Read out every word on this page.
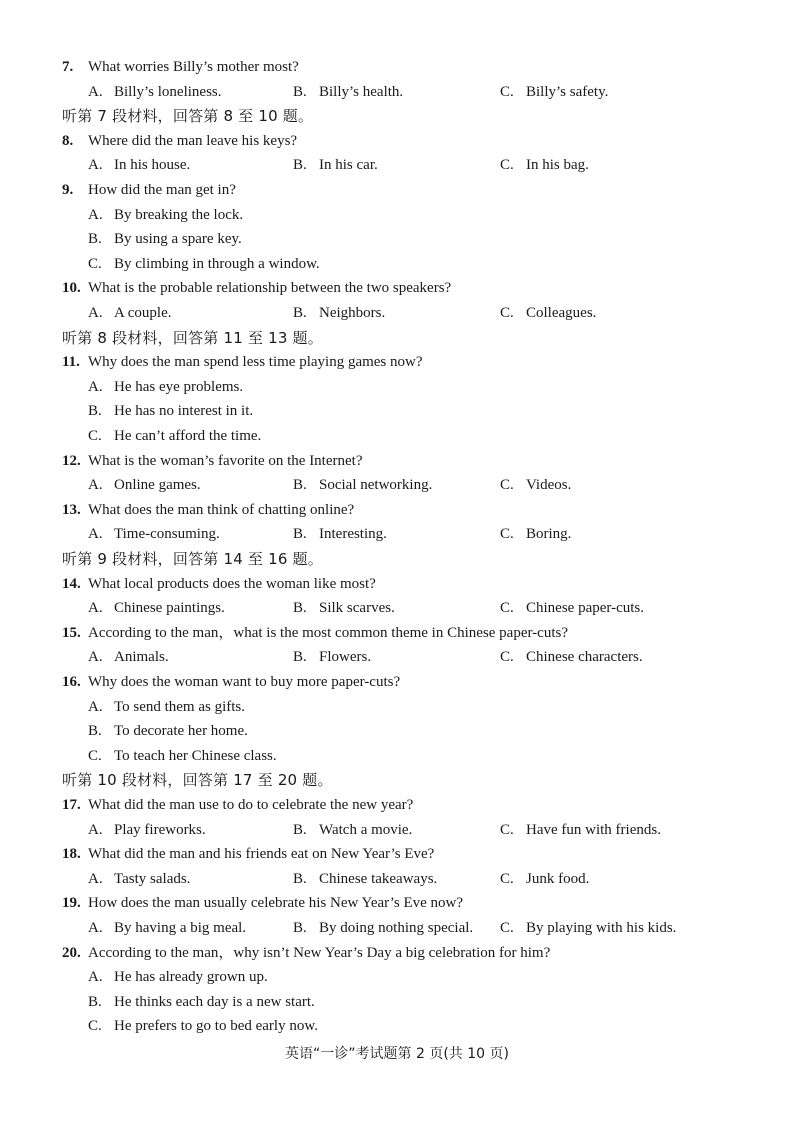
7. What worries Billy’s mother most?
A. Billy’s loneliness.	B. Billy’s health.	C. Billy’s safety.
听第 7 段材料，回答第 8 至 10 题。
8. Where did the man leave his keys?
A. In his house.	B. In his car.	C. In his bag.
9. How did the man get in?
A. By breaking the lock.
B. By using a spare key.
C. By climbing in through a window.
10. What is the probable relationship between the two speakers?
A. A couple.	B. Neighbors.	C. Colleagues.
听第 8 段材料，回答第 11 至 13 题。
11. Why does the man spend less time playing games now?
A. He has eye problems.
B. He has no interest in it.
C. He can’t afford the time.
12. What is the woman’s favorite on the Internet?
A. Online games.	B. Social networking.	C. Videos.
13. What does the man think of chatting online?
A. Time-consuming.	B. Interesting.	C. Boring.
听第 9 段材料，回答第 14 至 16 题。
14. What local products does the woman like most?
A. Chinese paintings.	B. Silk scarves.	C. Chinese paper-cuts.
15. According to the man，what is the most common theme in Chinese paper-cuts?
A. Animals.	B. Flowers.	C. Chinese characters.
16. Why does the woman want to buy more paper-cuts?
A. To send them as gifts.
B. To decorate her home.
C. To teach her Chinese class.
听第 10 段材料，回答第 17 至 20 题。
17. What did the man use to do to celebrate the new year?
A. Play fireworks.	B. Watch a movie.	C. Have fun with friends.
18. What did the man and his friends eat on New Year’s Eve?
A. Tasty salads.	B. Chinese takeaways.	C. Junk food.
19. How does the man usually celebrate his New Year’s Eve now?
A. By having a big meal.	B. By doing nothing special. C. By playing with his kids.
20. According to the man，why isn’t New Year’s Day a big celebration for him?
A. He has already grown up.
B. He thinks each day is a new start.
C. He prefers to go to bed early now.
英语“一诊”考试题第 2 页(共 10 页)
